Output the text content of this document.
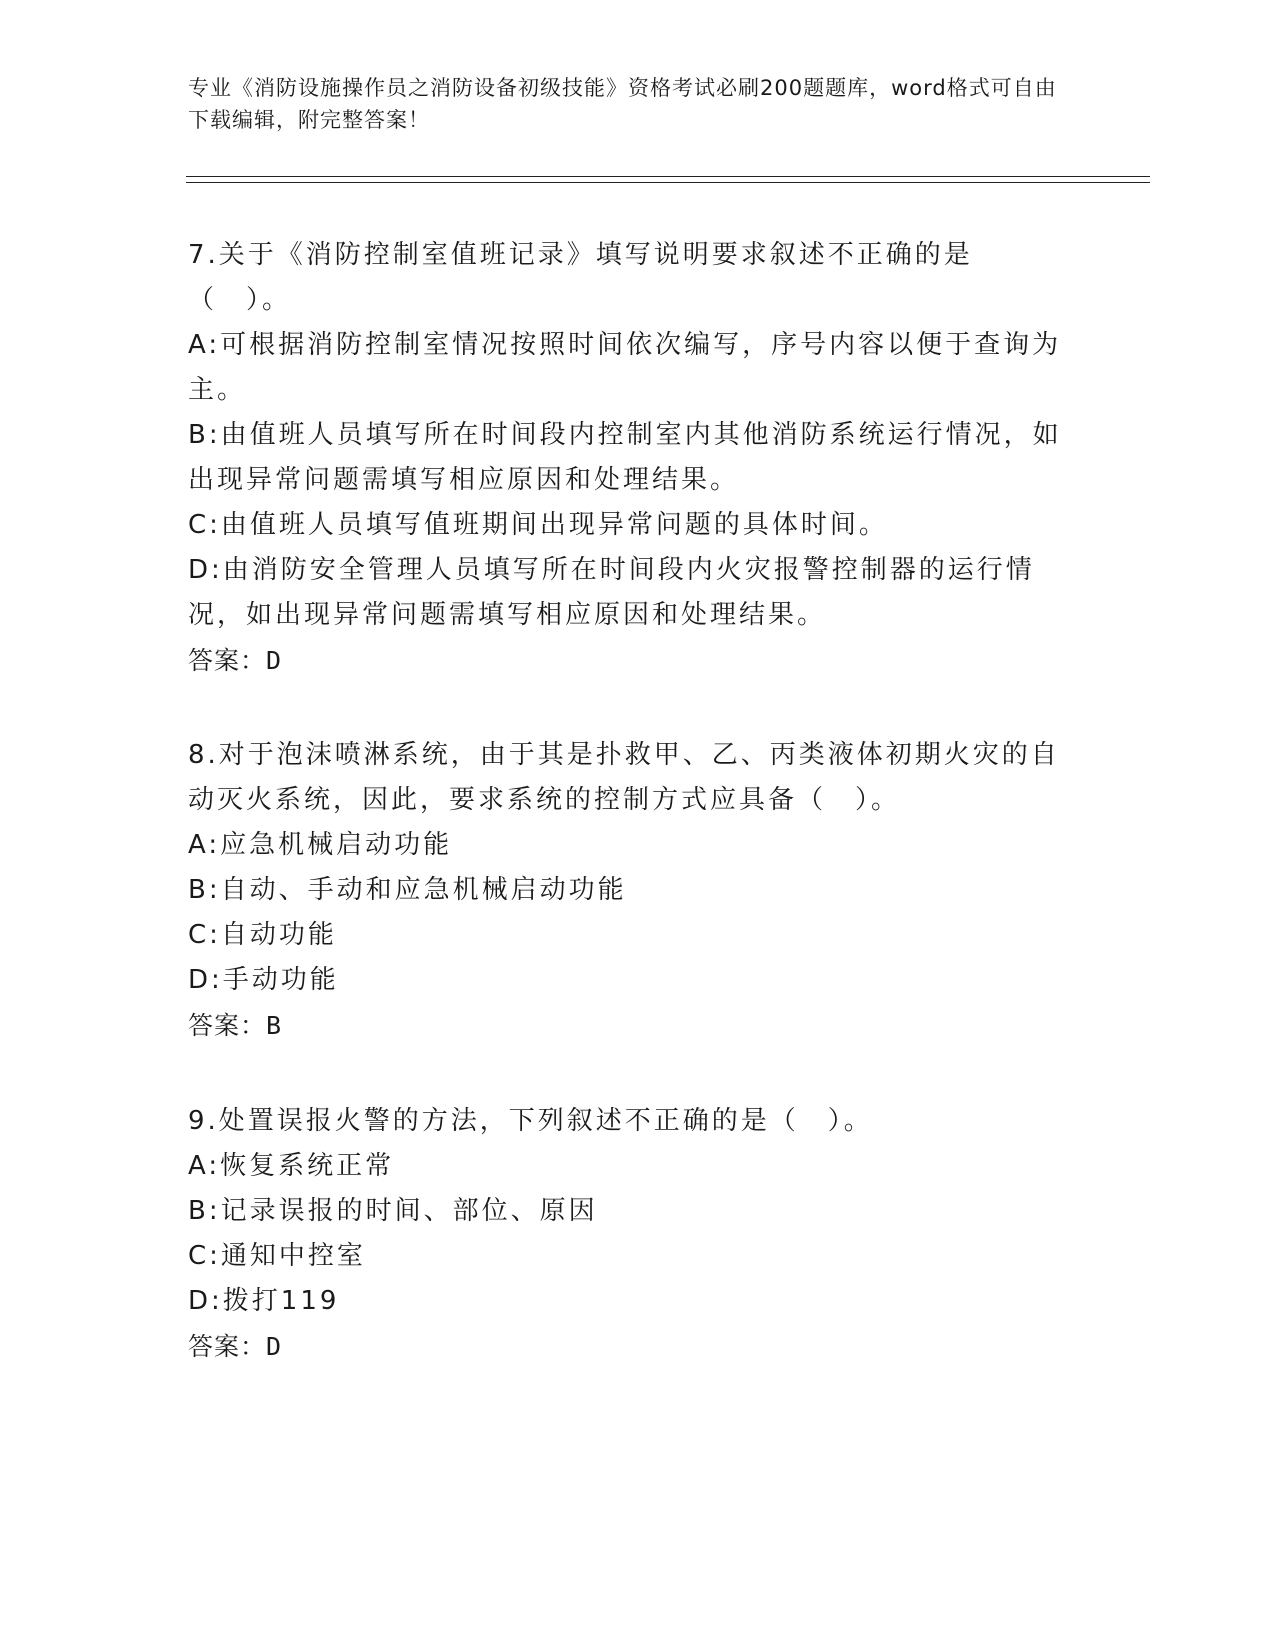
专业《消防设施操作员之消防设备初级技能》资格考试必刷200题题库，word格式可自由下载编辑，附完整答案！
7.关于《消防控制室值班记录》填写说明要求叙述不正确的是（　）。
A:可根据消防控制室情况按照时间依次编写，序号内容以便于查询为主。
B:由值班人员填写所在时间段内控制室内其他消防系统运行情况，如出现异常问题需填写相应原因和处理结果。
C:由值班人员填写值班期间出现异常问题的具体时间。
D:由消防安全管理人员填写所在时间段内火灾报警控制器的运行情况，如出现异常问题需填写相应原因和处理结果。
答案：D
8.对于泡沫喷淋系统，由于其是扑救甲、乙、丙类液体初期火灾的自动灭火系统，因此，要求系统的控制方式应具备（　）。
A:应急机械启动功能
B:自动、手动和应急机械启动功能
C:自动功能
D:手动功能
答案：B
9.处置误报火警的方法，下列叙述不正确的是（　）。
A:恢复系统正常
B:记录误报的时间、部位、原因
C:通知中控室
D:拨打119
答案：D
